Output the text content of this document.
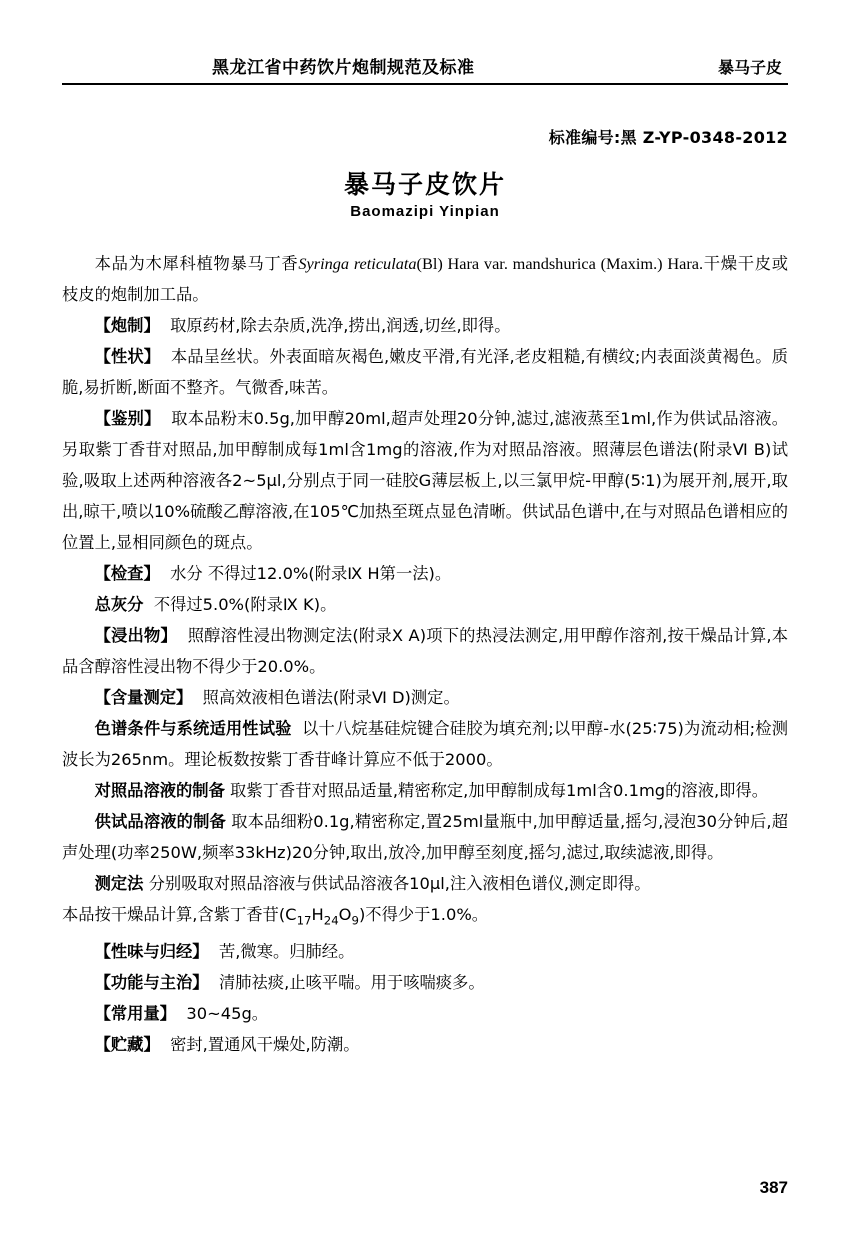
黑龙江省中药饮片炮制规范及标准	暴马子皮
标准编号:黑 Z-YP-0348-2012
暴马子皮饮片
Baomazipi Yinpian

本品为木犀科植物暴马丁香Syringa reticulata(Bl) Hara var. mandshurica (Maxim.) Hara.干燥干皮或枝皮的炮制加工品。

【炮制】 取原药材,除去杂质,洗净,捞出,润透,切丝,即得。

【性状】 本品呈丝状。外表面暗灰褐色,嫩皮平滑,有光泽,老皮粗糙,有横纹;内表面淡黄褐色。质脆,易折断,断面不整齐。气微香,味苦。

【鉴别】 取本品粉末0.5g,加甲醇20ml,超声处理20分钟,滤过,滤液蒸至1ml,作为供试品溶液。另取紫丁香苷对照品,加甲醇制成每1ml含1mg的溶液,作为对照品溶液。照薄层色谱法(附录Ⅵ B)试验,吸取上述两种溶液各2~5μl,分别点于同一硅胶G薄层板上,以三氯甲烷-甲醇(5∶1)为展开剂,展开,取出,晾干,喷以10%硫酸乙醇溶液,在105℃加热至斑点显色清晰。供试品色谱中,在与对照品色谱相应的位置上,显相同颜色的斑点。

【检查】 水分 不得过12.0%(附录Ⅸ H第一法)。

总灰分 不得过5.0%(附录Ⅸ K)。

【浸出物】 照醇溶性浸出物测定法(附录Ⅹ A)项下的热浸法测定,用甲醇作溶剂,按干燥品计算,本品含醇溶性浸出物不得少于20.0%。

【含量测定】 照高效液相色谱法(附录Ⅵ D)测定。

色谱条件与系统适用性试验 以十八烷基硅烷键合硅胶为填充剂;以甲醇-水(25∶75)为流动相;检测波长为265nm。理论板数按紫丁香苷峰计算应不低于2000。

对照品溶液的制备 取紫丁香苷对照品适量,精密称定,加甲醇制成每1ml含0.1mg的溶液,即得。

供试品溶液的制备 取本品细粉0.1g,精密称定,置25ml量瓶中,加甲醇适量,摇匀,浸泡30分钟后,超声处理(功率250W,频率33kHz)20分钟,取出,放冷,加甲醇至刻度,摇匀,滤过,取续滤液,即得。

测定法 分别吸取对照品溶液与供试品溶液各10μl,注入液相色谱仪,测定即得。

本品按干燥品计算,含紫丁香苷$(C_{17}H_{24}O_9)$不得少于1.0%。

【性味与归经】 苦,微寒。归肺经。

【功能与主治】 清肺祛痰,止咳平喘。用于咳喘痰多。

【常用量】 30~45g。

【贮藏】 密封,置通风干燥处,防潮。

387
